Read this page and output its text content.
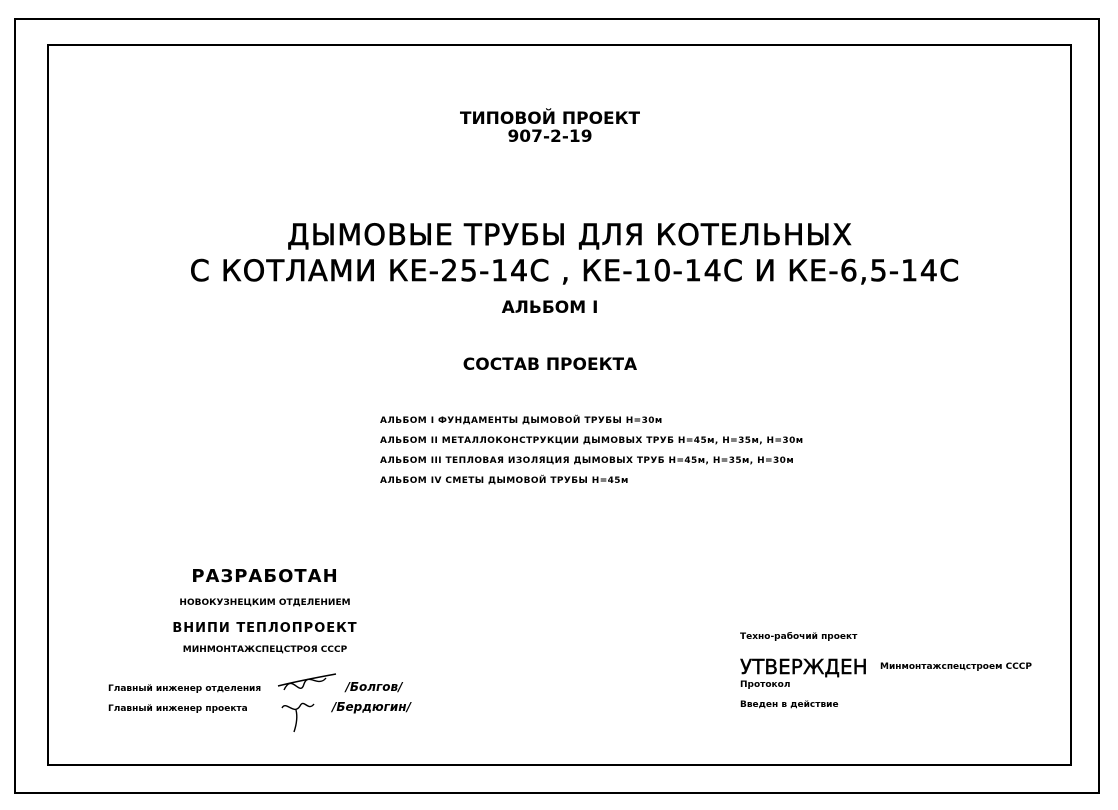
ТИПОВОЙ ПРОЕКТ
907-2-19
ДЫМОВЫЕ ТРУБЫ ДЛЯ КОТЕЛЬНЫХ
С КОТЛАМИ КЕ-25-14С , КЕ-10-14С И КЕ-6,5-14С
АЛЬБОМ I
СОСТАВ ПРОЕКТА
АЛЬБОМ I ФУНДАМЕНТЫ ДЫМОВОЙ ТРУБЫ Н=30м
АЛЬБОМ II МЕТАЛЛОКОНСТРУКЦИИ ДЫМОВЫХ ТРУБ Н=45м, Н=35м, Н=30м
АЛЬБОМ III ТЕПЛОВАЯ ИЗОЛЯЦИЯ ДЫМОВЫХ ТРУБ Н=45м, Н=35м, Н=30м
АЛЬБОМ IV СМЕТЫ ДЫМОВОЙ ТРУБЫ Н=45м
РАЗРАБОТАН
НОВОКУЗНЕЦКИМ ОТДЕЛЕНИЕМ
ВНИПИ ТЕПЛОПРОЕКТ
МИНМОНТАЖСПЕЦСТРОЯ СССР
Главный инженер отделения	/Болгов/
Главный инженер проекта	/Бердюгин/
Техно-рабочий проект
УТВЕРЖДЕН Минмонтажспецстроем СССР
Протокол
Введен в действие
